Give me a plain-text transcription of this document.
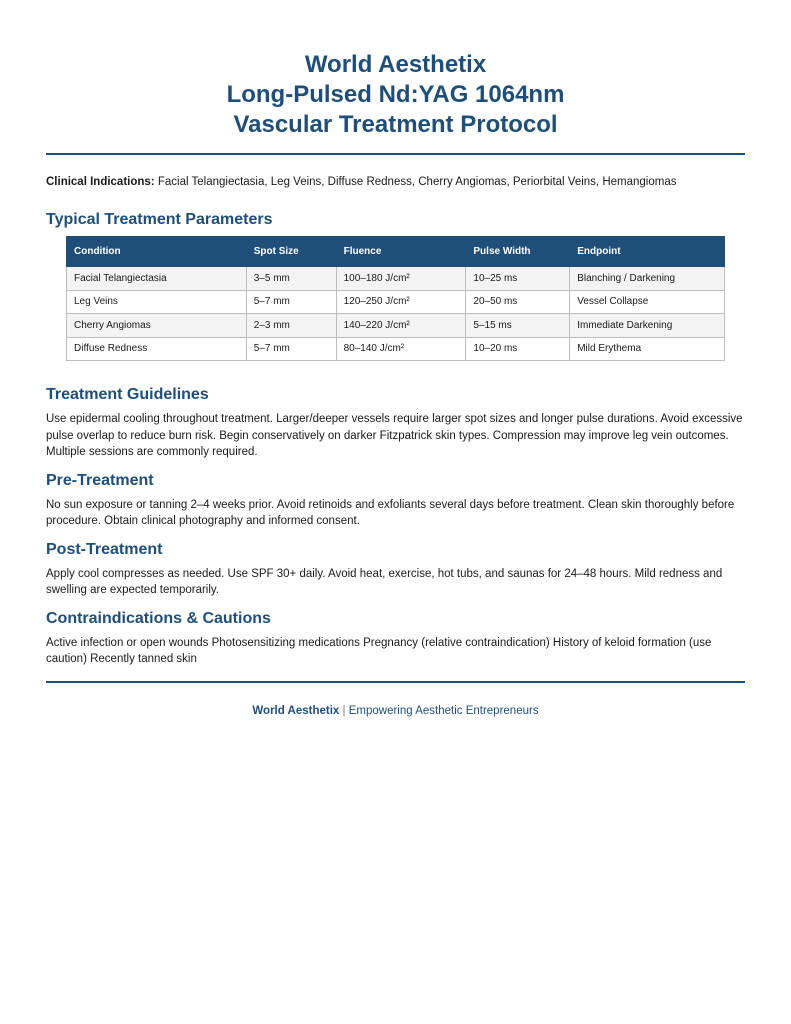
World Aesthetix
Long-Pulsed Nd:YAG 1064nm
Vascular Treatment Protocol
Clinical Indications: Facial Telangiectasia, Leg Veins, Diffuse Redness, Cherry Angiomas, Periorbital Veins, Hemangiomas
Typical Treatment Parameters
Condition	Spot Size	Fluence	Pulse Width	Endpoint
Facial Telangiectasia	3–5 mm	100–180 J/cm²	10–25 ms	Blanching / Darkening
Leg Veins	5–7 mm	120–250 J/cm²	20–50 ms	Vessel Collapse
Cherry Angiomas	2–3 mm	140–220 J/cm²	5–15 ms	Immediate Darkening
Diffuse Redness	5–7 mm	80–140 J/cm²	10–20 ms	Mild Erythema
Treatment Guidelines

Use epidermal cooling throughout treatment. Larger/deeper vessels require larger spot sizes and longer pulse durations. Avoid excessive pulse overlap to reduce burn risk. Begin conservatively on darker Fitzpatrick skin types. Compression may improve leg vein outcomes. Multiple sessions are commonly required.

Pre-Treatment

No sun exposure or tanning 2–4 weeks prior. Avoid retinoids and exfoliants several days before treatment. Clean skin thoroughly before procedure. Obtain clinical photography and informed consent.

Post-Treatment

Apply cool compresses as needed. Use SPF 30+ daily. Avoid heat, exercise, hot tubs, and saunas for 24–48 hours. Mild redness and swelling are expected temporarily.

Contraindications & Cautions

Active infection or open wounds Photosensitizing medications Pregnancy (relative contraindication) History of keloid formation (use caution) Recently tanned skin

World Aesthetix | Empowering Aesthetic Entrepreneurs
